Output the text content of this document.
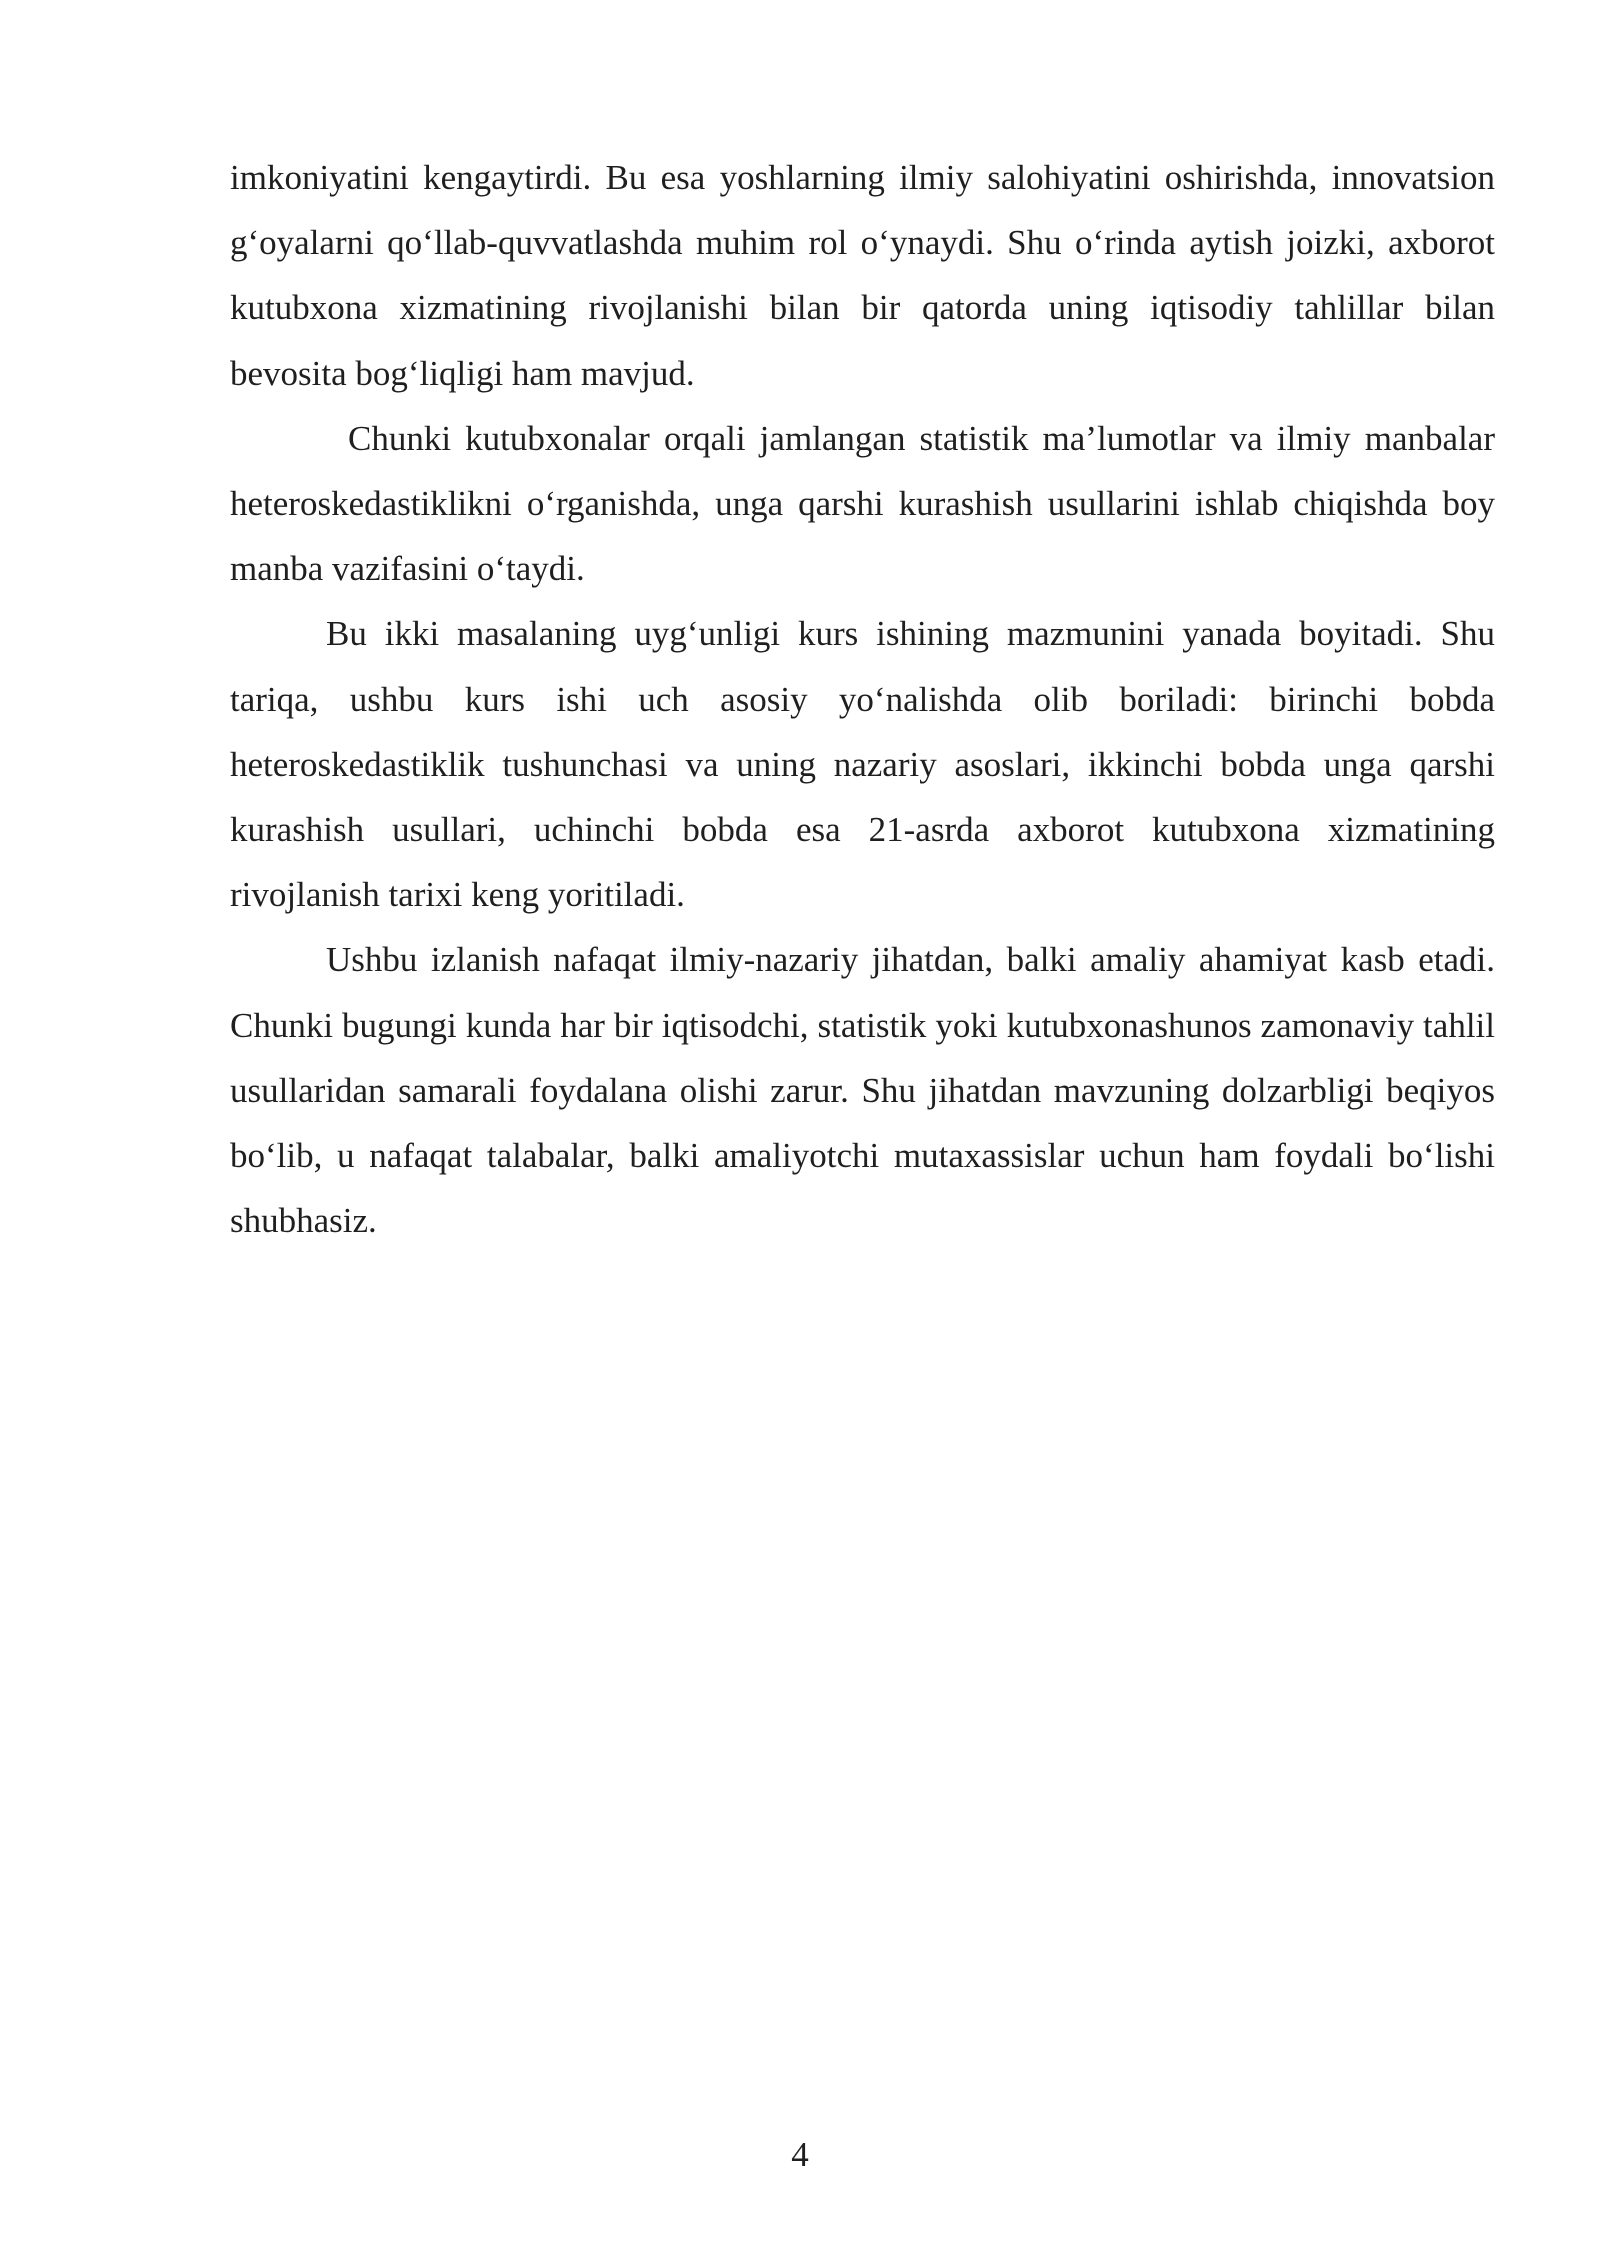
imkoniyatini kengaytirdi. Bu esa yoshlarning ilmiy salohiyatini oshirishda, innovatsion g‘oyalarni qo‘llab-quvvatlashda muhim rol o‘ynaydi. Shu o‘rinda aytish joizki, axborot kutubxona xizmatining rivojlanishi bilan bir qatorda uning iqtisodiy tahlillar bilan bevosita bog‘liqligi ham mavjud.

Chunki kutubxonalar orqali jamlangan statistik ma’lumotlar va ilmiy manbalar heteroskedastiklikni o‘rganishda, unga qarshi kurashish usullarini ishlab chiqishda boy manba vazifasini o‘taydi.

Bu ikki masalaning uyg‘unligi kurs ishining mazmunini yanada boyitadi. Shu tariqa, ushbu kurs ishi uch asosiy yo‘nalishda olib boriladi: birinchi bobda heteroskedastiklik tushunchasi va uning nazariy asoslari, ikkinchi bobda unga qarshi kurashish usullari, uchinchi bobda esa 21-asrda axborot kutubxona xizmatining rivojlanish tarixi keng yoritiladi.

Ushbu izlanish nafaqat ilmiy-nazariy jihatdan, balki amaliy ahamiyat kasb etadi. Chunki bugungi kunda har bir iqtisodchi, statistik yoki kutubxonashunos zamonaviy tahlil usullaridan samarali foydalana olishi zarur. Shu jihatdan mavzuning dolzarbligi beqiyos bo‘lib, u nafaqat talabalar, balki amaliyotchi mutaxassislar uchun ham foydali bo‘lishi shubhasiz.

4
